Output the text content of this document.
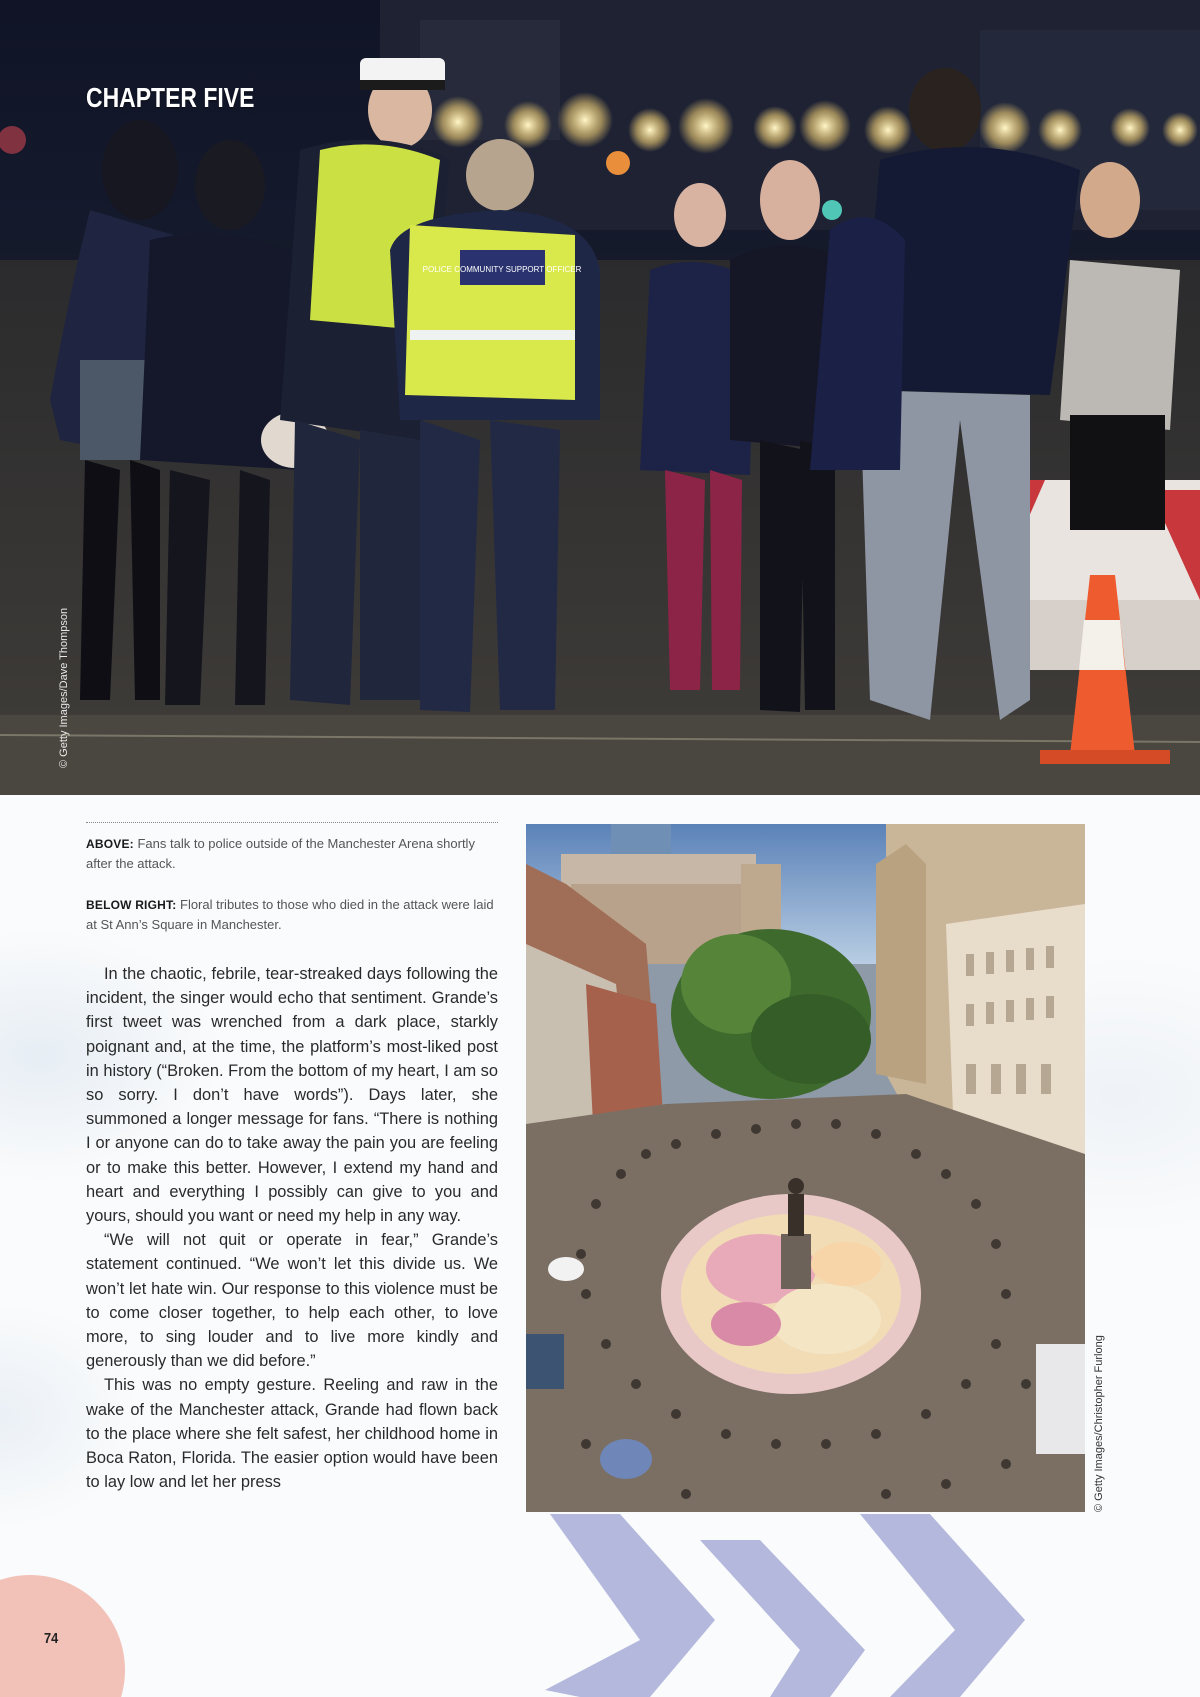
POLICE COMMUNITY SUPPORT OFFICER
CHAPTER FIVE
© Getty Images/Dave Thompson
ABOVE: Fans talk to police outside of the Manchester Arena shortly after the attack.
BELOW RIGHT: Floral tributes to those who died in the attack were laid at St Ann’s Square in Manchester.

In the chaotic, febrile, tear-streaked days following the incident, the singer would echo that sentiment. Grande’s first tweet was wrenched from a dark place, starkly poignant and, at the time, the platform’s most-liked post in history (“Broken. From the bottom of my heart, I am so so sorry. I don’t have words”). Days later, she summoned a longer message for fans. “There is nothing I or anyone can do to take away the pain you are feeling or to make this better. However, I extend my hand and heart and everything I possibly can give to you and yours, should you want or need my help in any way.

“We will not quit or operate in fear,” Grande’s statement continued. “We won’t let this divide us. We won’t let hate win. Our response to this violence must be to come closer together, to help each other, to love more, to sing louder and to live more kindly and generously than we did before.”

This was no empty gesture. Reeling and raw in the wake of the Manchester attack, Grande had flown back to the place where she felt safest, her childhood home in Boca Raton, Florida. The easier option would have been to lay low and let her press	© Getty Images/Christopher Furlong
74
